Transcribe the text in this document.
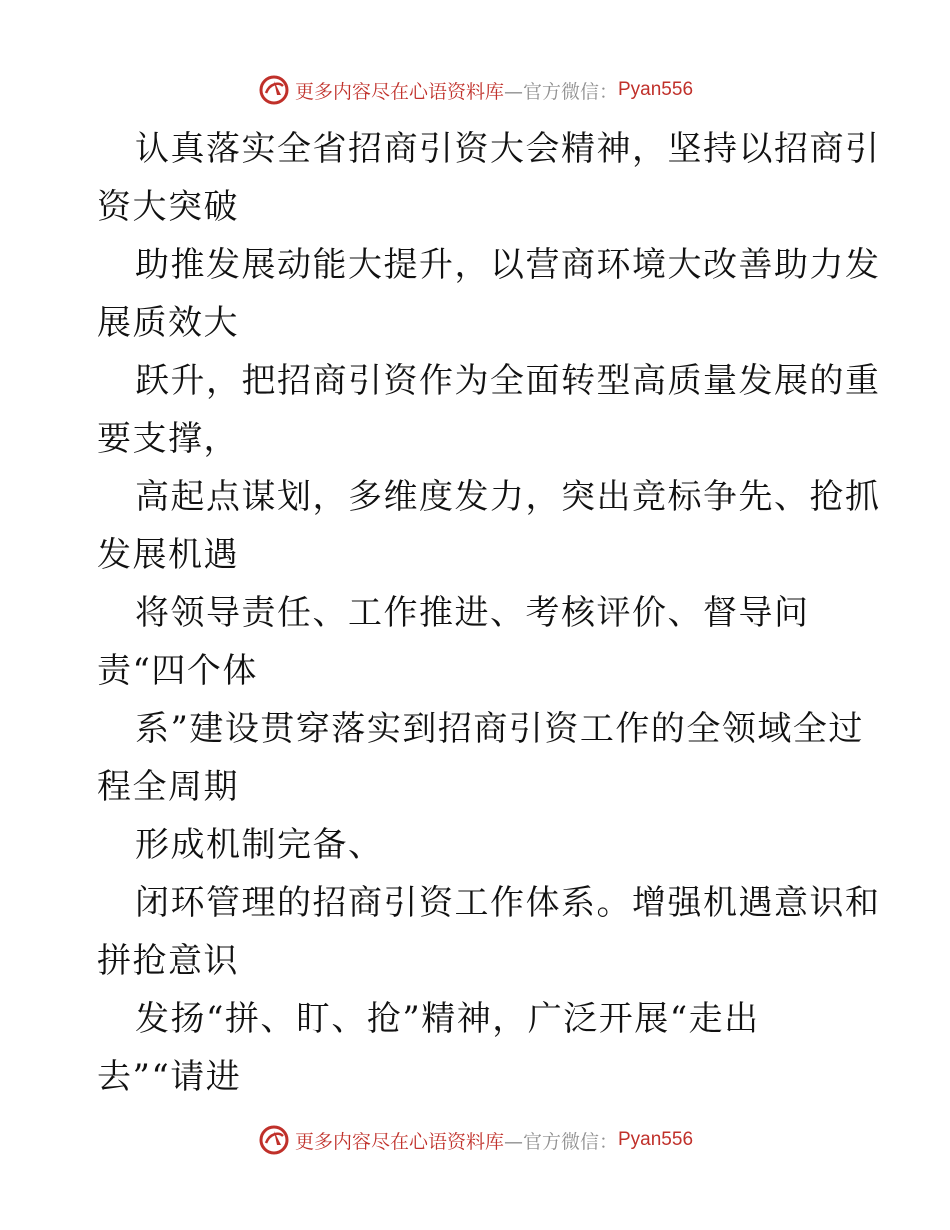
更多内容尽在心语资料库 —官方微信： Pyan556
认真落实全省招商引资大会精神，坚持以招商引
资大突破
助推发展动能大提升，以营商环境大改善助力发
展质效大
跃升，把招商引资作为全面转型高质量发展的重
要支撑，
高起点谋划，多维度发力，突出竞标争先、抢抓
发展机遇
将领导责任、工作推进、考核评价、督导问
责“四个体
系”建设贯穿落实到招商引资工作的全领域全过
程全周期
形成机制完备、
闭环管理的招商引资工作体系。增强机遇意识和
拼抢意识
发扬“拼、盯、抢”精神，广泛开展“走出
去”“请进
更多内容尽在心语资料库 —官方微信： Pyan556
